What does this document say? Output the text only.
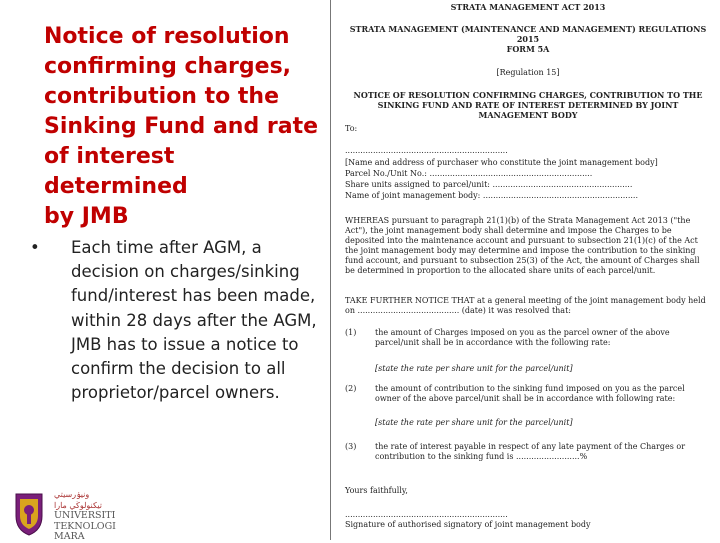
Notice of resolution
confirming charges,
contribution to the
Sinking Fund and rate
of interest determined
by JMB
• Each time after AGM, a decision on charges/sinking fund/interest has been made, within 28 days after the AGM, JMB has to issue a notice to confirm the decision to all proprietor/parcel owners.
ونيۏرسيتي تيكنولوڬي مارا
UNIVERSITI
TEKNOLOGI
MARA

STRATA MANAGEMENT ACT 2013

STRATA MANAGEMENT (MAINTENANCE AND MANAGEMENT) REGULATIONS 2015

FORM 5A

[Regulation 15]

NOTICE OF RESOLUTION CONFIRMING CHARGES, CONTRIBUTION TO THE SINKING FUND AND RATE OF INTEREST DETERMINED BY JOINT MANAGEMENT BODY

To:

................................................................

[Name and address of purchaser who constitute the joint management body]

Parcel No./Unit No.: ................................................................

Share units assigned to parcel/unit: .......................................................

Name of joint management body: .............................................................

WHEREAS pursuant to paragraph 21(1)(b) of the Strata Management Act 2013 ("the Act"), the joint management body shall determine and impose the Charges to be deposited into the maintenance account and pursuant to subsection 21(1)(c) of the Act the joint management body may determine and impose the contribution to the sinking fund account, and pursuant to subsection 25(3) of the Act, the amount of Charges shall be determined in proportion to the allocated share units of each parcel/unit.

TAKE FURTHER NOTICE THAT at a general meeting of the joint management body held on ........................................ (date) it was resolved that:

(1) the amount of Charges imposed on you as the parcel owner of the above parcel/unit shall be in accordance with the following rate:

[state the rate per share unit for the parcel/unit]

(2) the amount of contribution to the sinking fund imposed on you as the parcel owner of the above parcel/unit shall be in accordance with following rate:

[state the rate per share unit for the parcel/unit]

(3) the rate of interest payable in respect of any late payment of the Charges or contribution to the sinking fund is .........................%

Yours faithfully,

................................................................

Signature of authorised signatory of joint management body
